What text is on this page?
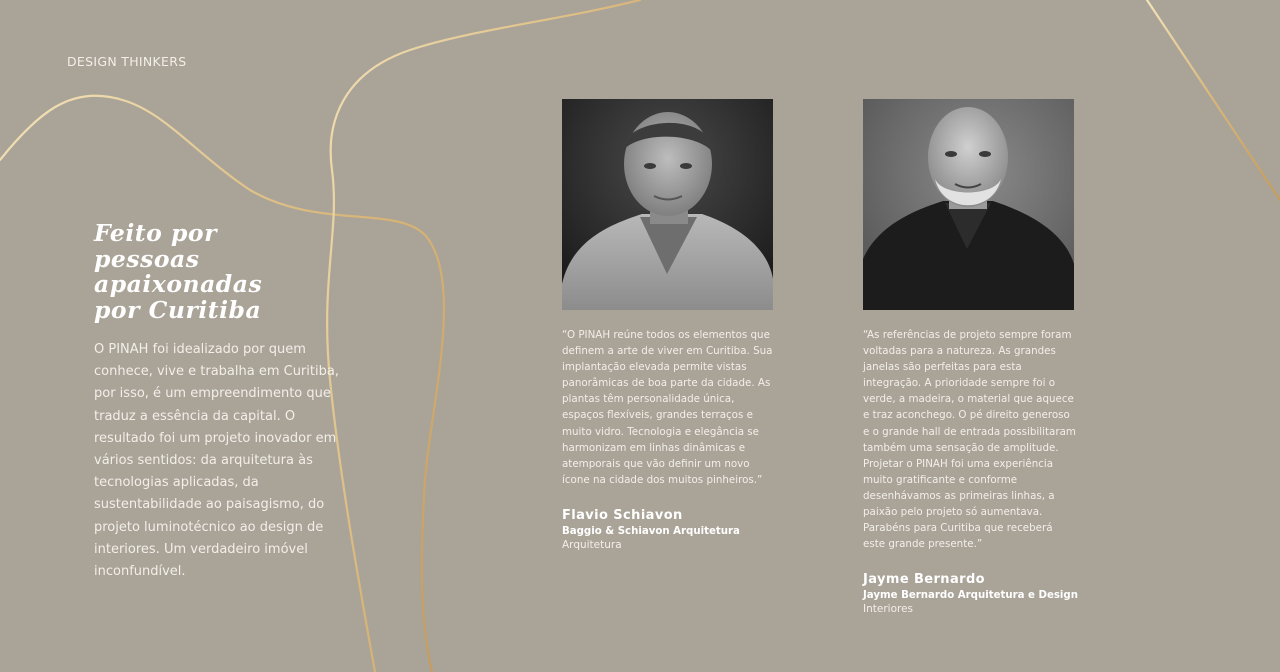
DESIGN THINKERS
Feito por
pessoas
apaixonadas
por Curitiba

O PINAH foi idealizado por quem conhece, vive e trabalha em Curitiba, por isso, é um empreendimento que traduz a essência da capital. O resultado foi um projeto inovador em vários sentidos: da arquitetura às tecnologias aplicadas, da sustentabilidade ao paisagismo, do projeto luminotécnico ao design de interiores. Um verdadeiro imóvel inconfundível.

“O PINAH reúne todos os elementos que definem a arte de viver em Curitiba. Sua implantação elevada permite vistas panorâmicas de boa parte da cidade. As plantas têm personalidade única, espaços flexíveis, grandes terraços e muito vidro. Tecnologia e elegância se harmonizam em linhas dinâmicas e atemporais que vão definir um novo ícone na cidade dos muitos pinheiros.”

Flavio Schiavon
Baggio & Schiavon Arquitetura
Arquitetura

“As referências de projeto sempre foram voltadas para a natureza. As grandes janelas são perfeitas para esta integração. A prioridade sempre foi o verde, a madeira, o material que aquece e traz aconchego. O pé direito generoso e o grande hall de entrada possibilitaram também uma sensação de amplitude. Projetar o PINAH foi uma experiência muito gratificante e conforme desenhávamos as primeiras linhas, a paixão pelo projeto só aumentava. Parabéns para Curitiba que receberá este grande presente.”

Jayme Bernardo
Jayme Bernardo Arquitetura e Design
Interiores
